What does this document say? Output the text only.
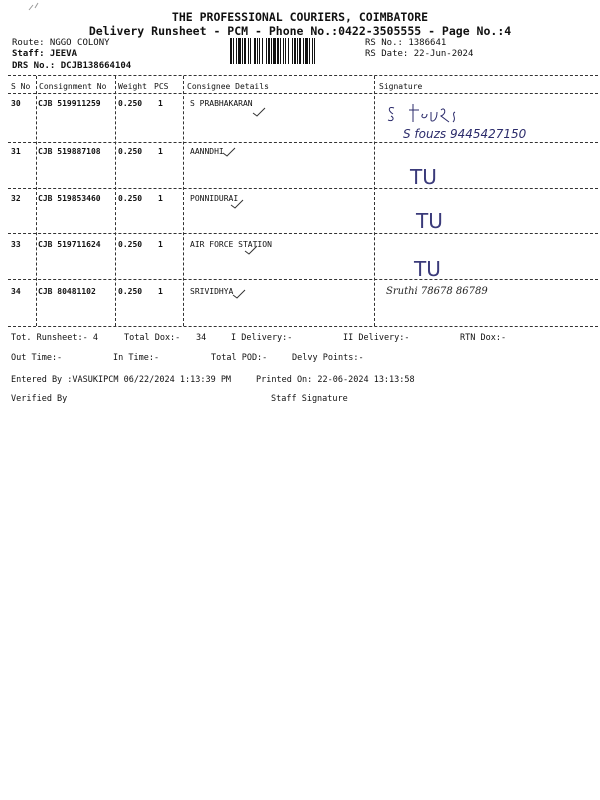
THE PROFESSIONAL COURIERS, COIMBATORE
Delivery Runsheet - PCM - Phone No.:0422-3505555 - Page No.:4
Route: NGGO COLONY
Staff: JEEVA
DRS No.: DCJB138664104
RS No.: 1386641
RS Date: 22-Jun-2024
S No Consignment No Weight PCS Consignee Details	Signature
30 CJB 519911259 0.250 1	S PRABHAKARAN
S fouzs 9445427150
31 CJB 519887108 0.250 1	AANNDHI
TU
32 CJB 519853460 0.250 1	PONNIDURAI
TU
33 CJB 519711624 0.250 1	AIR FORCE STATION
TU
34 CJB 80481102	0.250 1	SRIVIDHYA	Sruthi 78678 86789
Tot. Runsheet:- 4	Total Dox:- 34	I Delivery:-	II Delivery:-	RTN Dox:-
Out Time:-	In Time:-	Total POD:-	Delvy Points:-
Entered By :VASUKIPCM 06/22/2024 1:13:39 PM	Printed On: 22-06-2024 13:13:58
Verified By	Staff Signature
